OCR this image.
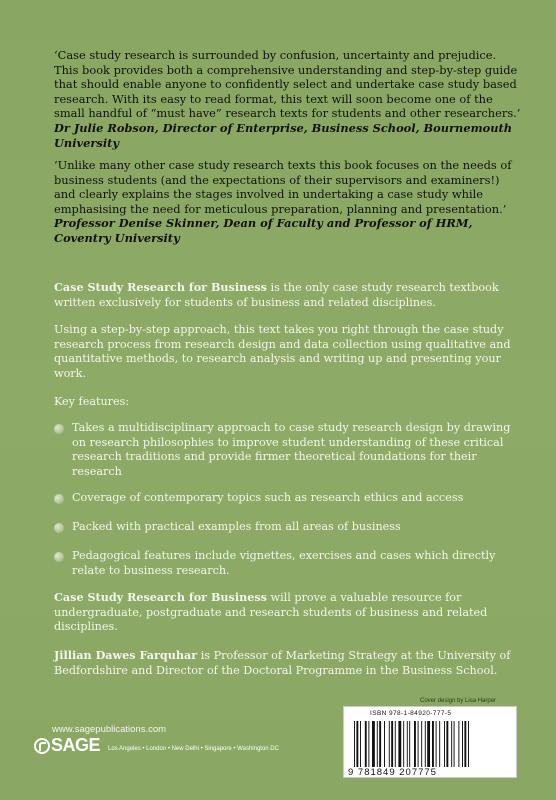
‘Case study research is surrounded by confusion, uncertainty and prejudice. This book provides both a comprehensive understanding and step-by-step guide that should enable anyone to confidently select and undertake case study based research. With its easy to read format, this text will soon become one of the small handful of “must have” research texts for students and other researchers.’
Dr Julie Robson, Director of Enterprise, Business School, Bournemouth University
‘Unlike many other case study research texts this book focuses on the needs of business students (and the expectations of their supervisors and examiners!) and clearly explains the stages involved in undertaking a case study while emphasising the need for meticulous preparation, planning and presentation.’
Professor Denise Skinner, Dean of Faculty and Professor of HRM, Coventry University
Case Study Research for Business is the only case study research textbook written exclusively for students of business and related disciplines.
Using a step-by-step approach, this text takes you right through the case study research process from research design and data collection using qualitative and quantitative methods, to research analysis and writing up and presenting your work.
Key features:
Takes a multidisciplinary approach to case study research design by drawing on research philosophies to improve student understanding of these critical research traditions and provide firmer theoretical foundations for their research
Coverage of contemporary topics such as research ethics and access
Packed with practical examples from all areas of business
Pedagogical features include vignettes, exercises and cases which directly relate to business research.
Case Study Research for Business will prove a valuable resource for undergraduate, postgraduate and research students of business and related disciplines.
Jillian Dawes Farquhar is Professor of Marketing Strategy at the University of Bedfordshire and Director of the Doctoral Programme in the Business School.
Cover design by Lisa Harper
www.sagepublications.com
SAGE Los Angeles • London • New Delhi • Singapore • Washington DC
ISBN 978-1-84920-777-5
9 781849 207775
